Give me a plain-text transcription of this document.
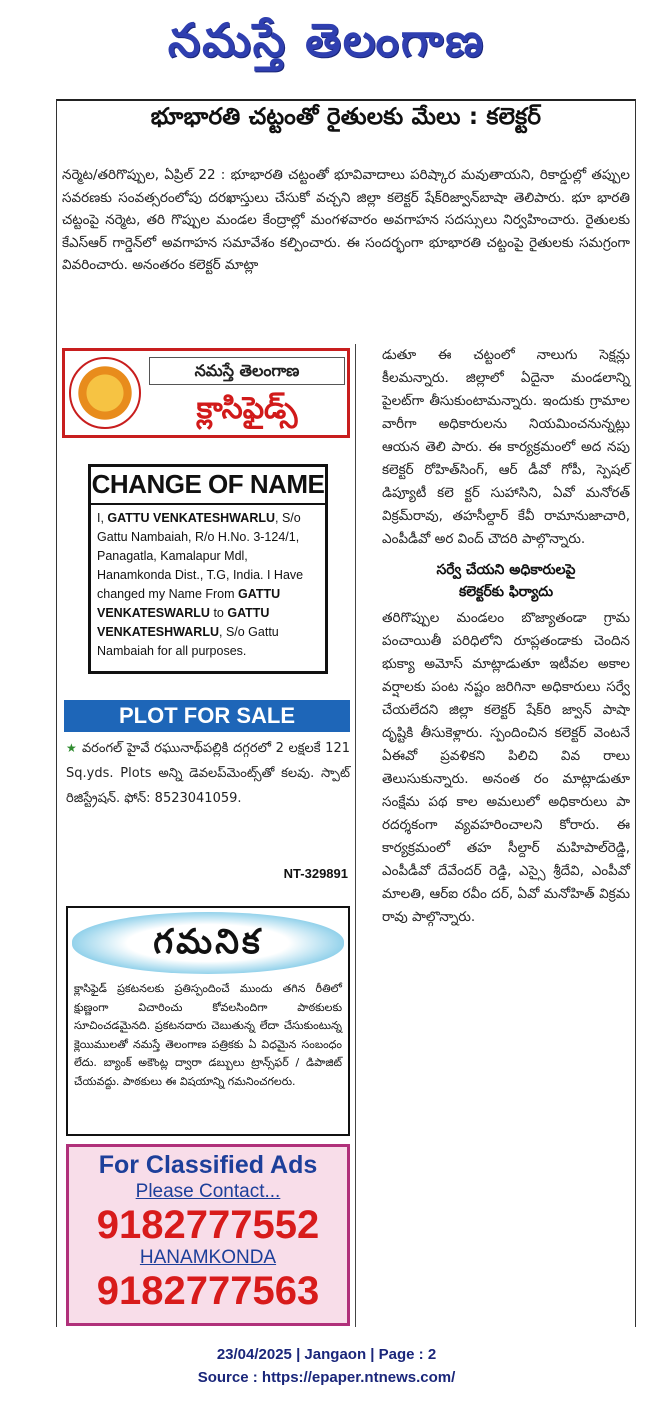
నమస్తే తెలంగాణ
భూభారతి చట్టంతో రైతులకు మేలు : కలెక్టర్
నర్మెట/తరిగొప్పుల, ఏప్రిల్ 22 : భూభారతి చట్టంతో భూవివాదాలు పరిష్కార మవుతాయని, రికార్డుల్లో తప్పుల సవరణకు సంవత్సరంలోపు దరఖాస్తులు చేసుకో వచ్చని జిల్లా కలెక్టర్ షేక్‌రిజ్వాన్‌బాషా తెలిపారు. భూ భారతి చట్టంపై నర్మెట, తరి గొప్పుల మండల కేంద్రాల్లో మంగళవారం అవగాహన సదస్సులు నిర్వహించారు. రైతులకు కేఎస్‌ఆర్ గార్డెన్‌లో అవగాహన సమావేశం కల్పించారు. ఈ సందర్భంగా భూభారతి చట్టంపై రైతులకు సమగ్రంగా వివరించారు. అనంతరం కలెక్టర్ మాట్లా

డుతూ ఈ చట్టంలో నాలుగు సెక్షన్లు కీలమన్నారు. జిల్లాలో ఏదైనా మండలాన్ని పైలట్‌గా తీసుకుంటామన్నారు. ఇందుకు గ్రామాల వారీగా అధికారులను నియమించనున్నట్లు ఆయన తెలి పారు. ఈ కార్యక్రమంలో అద నపు కలెక్టర్ రోహిత్‌సింగ్, ఆర్ డీవో గోపీ, స్పెషల్ డిప్యూటీ కలె క్టర్ సుహాసిని, ఏవో మనోరత్ విక్రమ్‌రావు, తహసీల్దార్ కేవీ రామానుజాచారి, ఎంపీడీవో అర వింద్ చౌదరి పాల్గొన్నారు.

సర్వే చేయని అధికారులపై
కలెక్టర్‌కు ఫిర్యాదు

తరిగొప్పుల మండలం బొజ్యాతండా గ్రామ పంచాయితీ పరిధిలోని రూప్లతండాకు చెందిన భుక్యా అమోస్ మాట్లాడుతూ ఇటీవల అకాల వర్షాలకు పంట నష్టం జరిగినా అధికారులు సర్వే చేయలేదని జిల్లా కలెక్టర్ షేక్‌రి జ్వాన్ పాషా దృష్టికి తీసుకెళ్లారు. స్పందించిన కలెక్టర్ వెంటనే ఏఈవో ప్రవళికని పిలిచి వివ రాలు తెలుసుకున్నారు. అనంత రం మాట్లాడుతూ సంక్షేమ పథ కాల అమలులో అధికారులు పా రదర్శకంగా వ్యవహరించాలని కోరారు. ఈ కార్యక్రమంలో తహ సీల్దార్ మహిపాల్‌రెడ్డి, ఎంపీడీవో దేవేందర్ రెడ్డి, ఎస్సై శ్రీదేవి, ఎంపీవో మాలతి, ఆర్‌ఐ రవీం దర్, ఏవో మనోహిత్ విక్రమ రావు పాల్గొన్నారు.

నమస్తే తెలంగాణ
క్లాసిఫైడ్స్
CHANGE OF NAME
I, GATTU VENKATESHWARLU, S/o Gattu Nambaiah, R/o H.No. 3-124/1, Panagatla, Kamalapur Mdl, Hanamkonda Dist., T.G, India. I Have changed my Name From GATTU VENKATESWARLU to GATTU VENKATESHWARLU, S/o Gattu Nambaiah for all purposes.
PLOT FOR SALE
★ వరంగల్ హైవే రఘునాథ్‌పల్లికి దగ్గరలో 2 లక్షలకే 121 Sq.yds. Plots అన్ని డెవలప్‌మెంట్స్‌తో కలవు. స్పాట్ రిజిస్ట్రేషన్. ఫోన్: 8523041059.
NT-329891
గమనిక
క్లాసిఫైడ్ ప్రకటనలకు ప్రతిస్పందించే ముందు తగిన రీతిలో క్షుణ్ణంగా విచారించు కోవలసిందిగా పాఠకులకు సూచించడమైనది. ప్రకటనదారు చెబుతున్న లేదా చేసుకుంటున్న క్లెయిములతో నమస్తే తెలంగాణ పత్రికకు ఏ విధమైన సంబంధం లేదు. బ్యాంక్ అకౌంట్ల ద్వారా డబ్బులు ట్రాన్స్‌ఫర్ / డిపాజిట్ చేయవద్దు. పాఠకులు ఈ విషయాన్ని గమనించగలరు.
For Classified Ads
Please Contact...
9182777552
HANAMKONDA
9182777563
23/04/2025 | Jangaon | Page : 2
Source : https://epaper.ntnews.com/
